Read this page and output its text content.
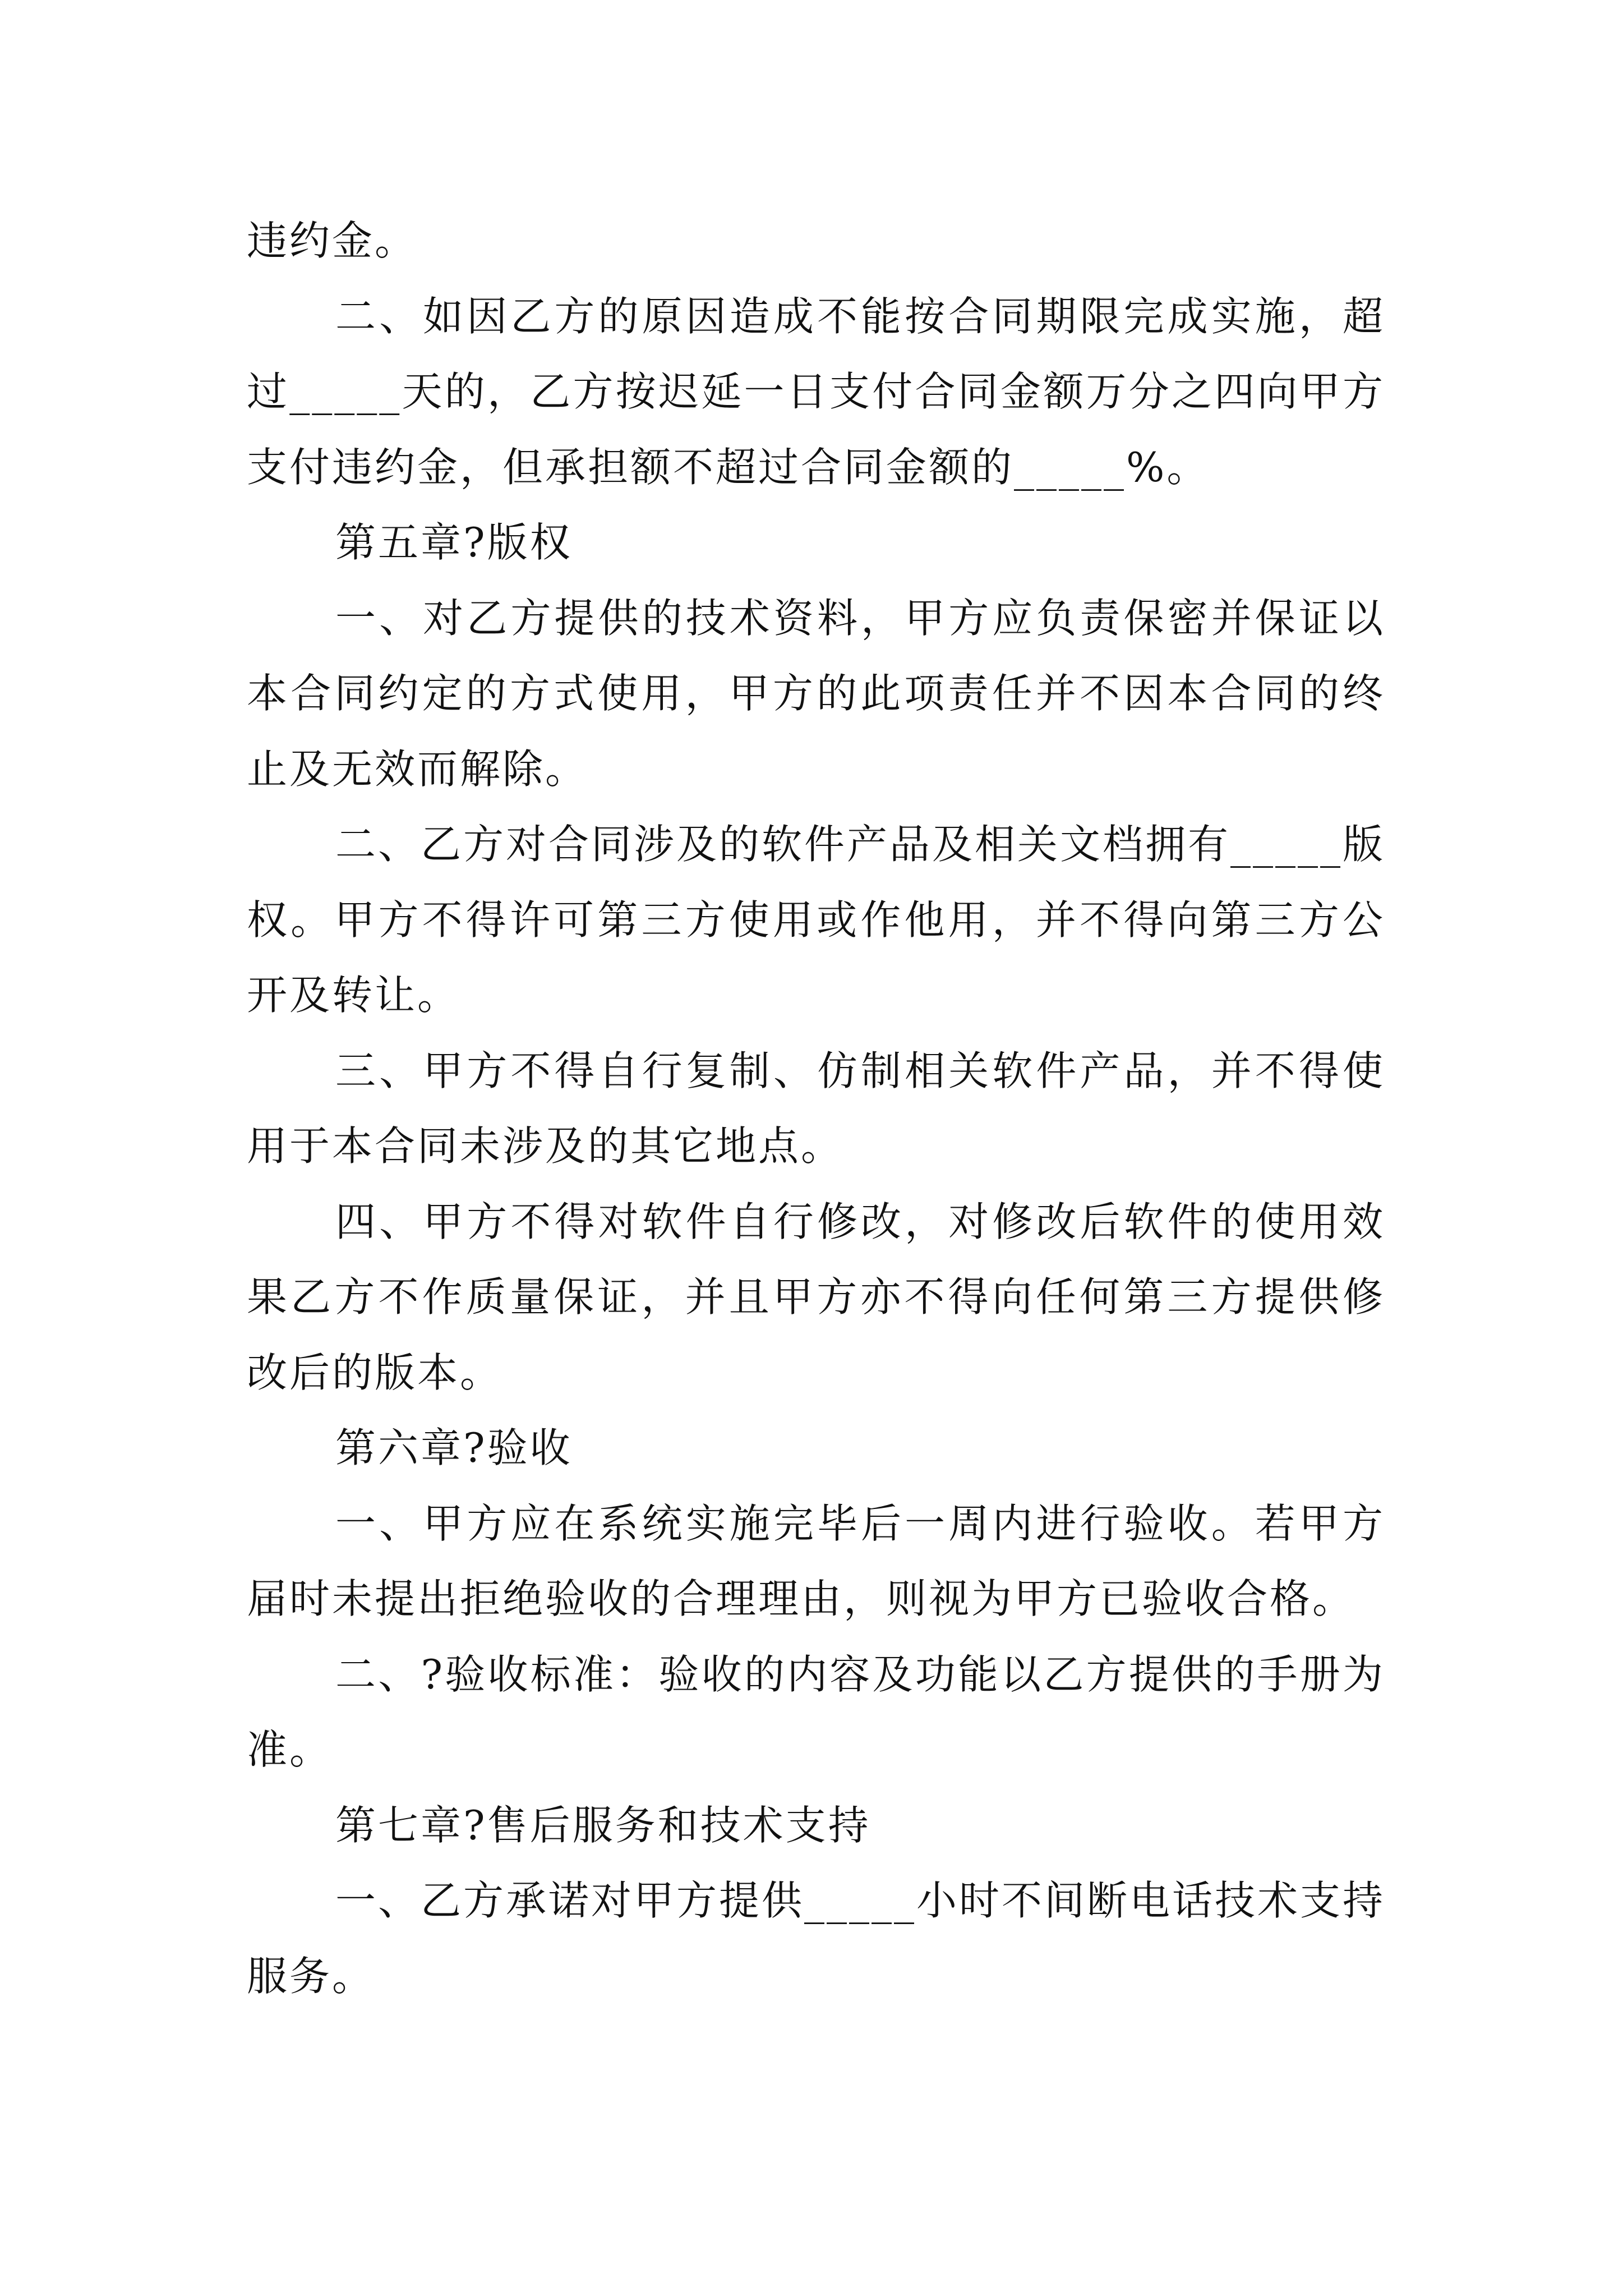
违约金。

二、如因乙方的原因造成不能按合同期限完成实施，超过_____天的，乙方按迟延一日支付合同金额万分之四向甲方支付违约金，但承担额不超过合同金额的_____%。

第五章?版权

一、对乙方提供的技术资料，甲方应负责保密并保证以本合同约定的方式使用，甲方的此项责任并不因本合同的终止及无效而解除。

二、乙方对合同涉及的软件产品及相关文档拥有_____版权。甲方不得许可第三方使用或作他用，并不得向第三方公开及转让。

三、甲方不得自行复制、仿制相关软件产品，并不得使用于本合同未涉及的其它地点。

四、甲方不得对软件自行修改，对修改后软件的使用效果乙方不作质量保证，并且甲方亦不得向任何第三方提供修改后的版本。

第六章?验收

一、甲方应在系统实施完毕后一周内进行验收。若甲方届时未提出拒绝验收的合理理由，则视为甲方已验收合格。

二、?验收标准：验收的内容及功能以乙方提供的手册为准。

第七章?售后服务和技术支持

一、乙方承诺对甲方提供_____小时不间断电话技术支持服务。
